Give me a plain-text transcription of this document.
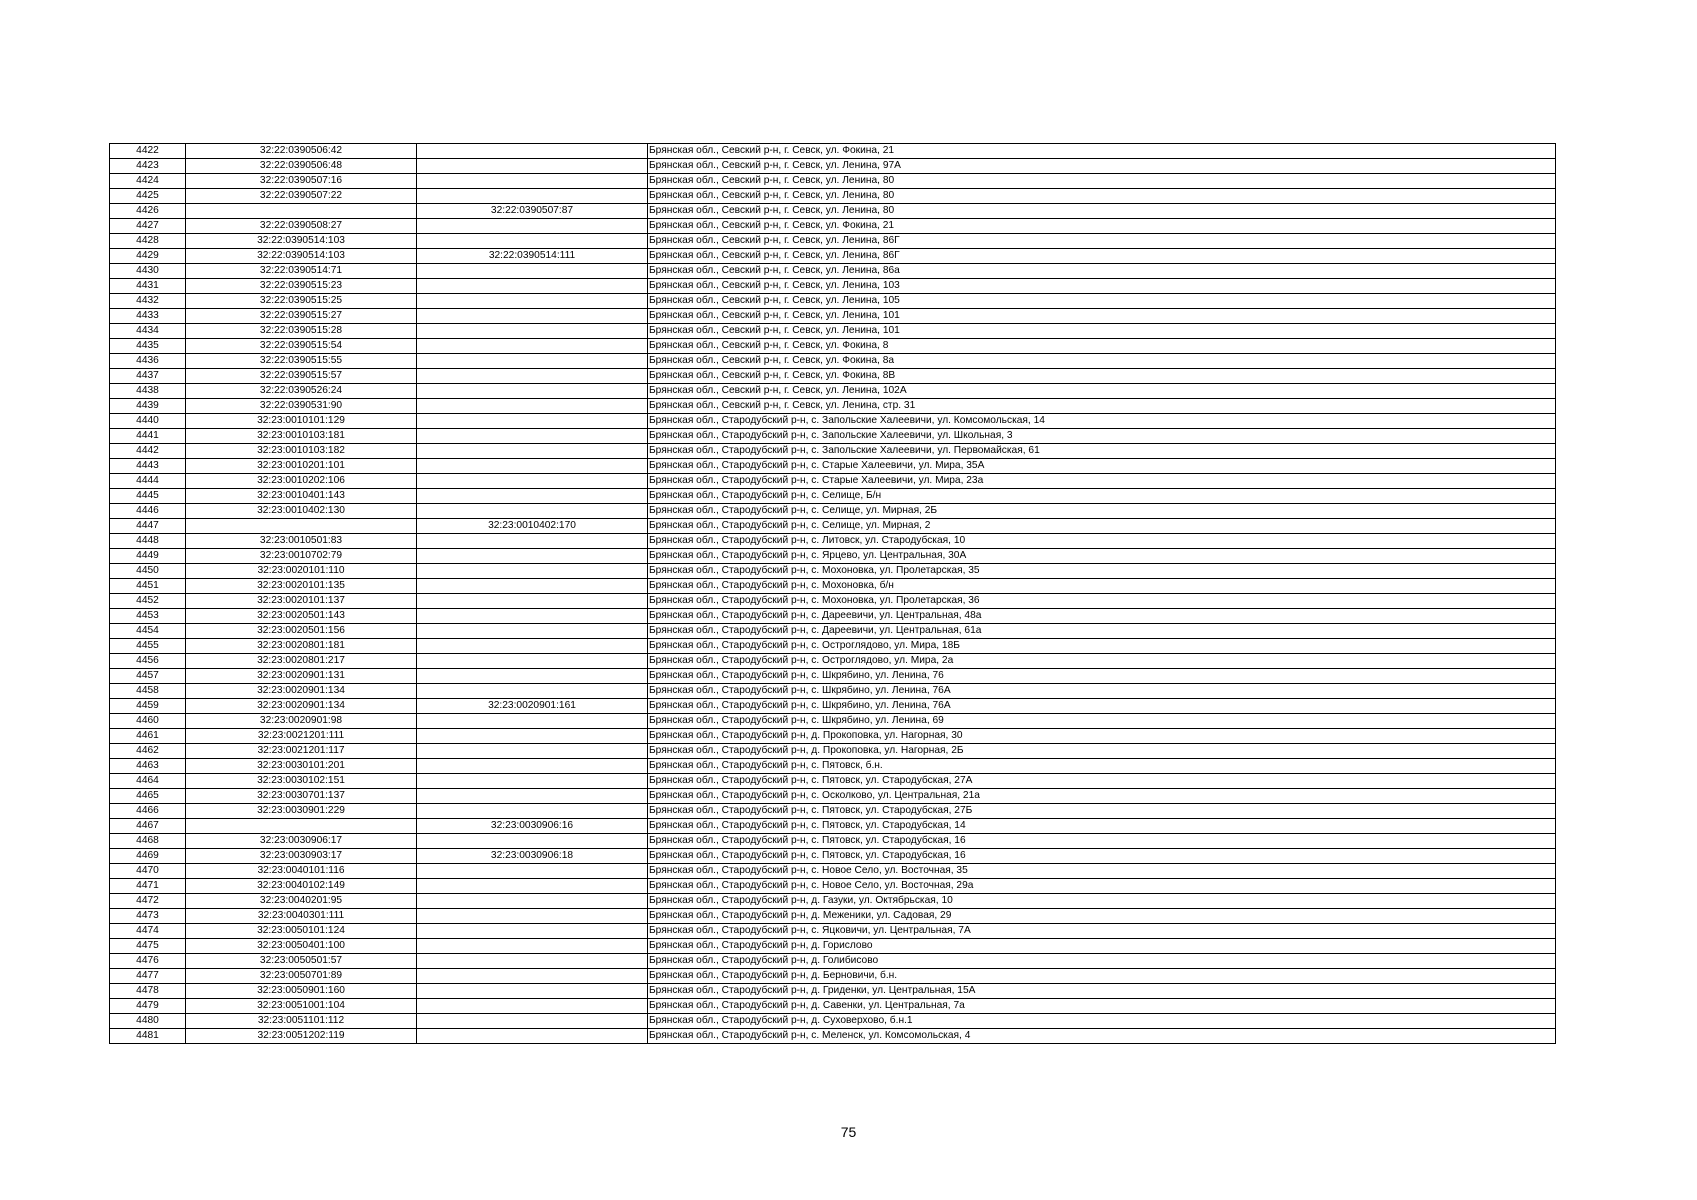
4422	32:22:0390506:42		Брянская обл., Севский р-н, г. Севск, ул. Фокина, 21
4423	32:22:0390506:48		Брянская обл., Севский р-н, г. Севск, ул. Ленина, 97А
4424	32:22:0390507:16		Брянская обл., Севский р-н, г. Севск, ул. Ленина, 80
4425	32:22:0390507:22		Брянская обл., Севский р-н, г. Севск, ул. Ленина, 80
4426		32:22:0390507:87	Брянская обл., Севский р-н, г. Севск, ул. Ленина, 80
4427	32:22:0390508:27		Брянская обл., Севский р-н, г. Севск, ул. Фокина, 21
4428	32:22:0390514:103		Брянская обл., Севский р-н, г. Севск, ул. Ленина, 86Г
4429	32:22:0390514:103	32:22:0390514:111	Брянская обл., Севский р-н, г. Севск, ул. Ленина, 86Г
4430	32:22:0390514:71		Брянская обл., Севский р-н, г. Севск, ул. Ленина, 86а
4431	32:22:0390515:23		Брянская обл., Севский р-н, г. Севск, ул. Ленина, 103
4432	32:22:0390515:25		Брянская обл., Севский р-н, г. Севск, ул. Ленина, 105
4433	32:22:0390515:27		Брянская обл., Севский р-н, г. Севск, ул. Ленина, 101
4434	32:22:0390515:28		Брянская обл., Севский р-н, г. Севск, ул. Ленина, 101
4435	32:22:0390515:54		Брянская обл., Севский р-н, г. Севск, ул. Фокина, 8
4436	32:22:0390515:55		Брянская обл., Севский р-н, г. Севск, ул. Фокина, 8а
4437	32:22:0390515:57		Брянская обл., Севский р-н, г. Севск, ул. Фокина, 8В
4438	32:22:0390526:24		Брянская обл., Севский р-н, г. Севск, ул. Ленина, 102А
4439	32:22:0390531:90		Брянская обл., Севский р-н, г. Севск, ул. Ленина, стр. 31
4440	32:23:0010101:129		Брянская обл., Стародубский р-н, с. Запольские Халеевичи, ул. Комсомольская, 14
4441	32:23:0010103:181		Брянская обл., Стародубский р-н, с. Запольские Халеевичи, ул. Школьная, 3
4442	32:23:0010103:182		Брянская обл., Стародубский р-н, с. Запольские Халеевичи, ул. Первомайская, 61
4443	32:23:0010201:101		Брянская обл., Стародубский р-н, с. Старые Халеевичи, ул. Мира, 35А
4444	32:23:0010202:106		Брянская обл., Стародубский р-н, с. Старые Халеевичи, ул. Мира, 23а
4445	32:23:0010401:143		Брянская обл., Стародубский р-н, с. Селище, Б/н
4446	32:23:0010402:130		Брянская обл., Стародубский р-н, с. Селище, ул. Мирная, 2Б
4447		32:23:0010402:170	Брянская обл., Стародубский р-н, с. Селище, ул. Мирная, 2
4448	32:23:0010501:83		Брянская обл., Стародубский р-н, с. Литовск, ул. Стародубская, 10
4449	32:23:0010702:79		Брянская обл., Стародубский р-н, с. Ярцево, ул. Центральная, 30А
4450	32:23:0020101:110		Брянская обл., Стародубский р-н, с. Мохоновка, ул. Пролетарская, 35
4451	32:23:0020101:135		Брянская обл., Стародубский р-н, с. Мохоновка, б/н
4452	32:23:0020101:137		Брянская обл., Стародубский р-н, с. Мохоновка, ул. Пролетарская, 36
4453	32:23:0020501:143		Брянская обл., Стародубский р-н, с. Дареевичи, ул. Центральная, 48а
4454	32:23:0020501:156		Брянская обл., Стародубский р-н, с. Дареевичи, ул. Центральная, 61а
4455	32:23:0020801:181		Брянская обл., Стародубский р-н, с. Остроглядово, ул. Мира, 18Б
4456	32:23:0020801:217		Брянская обл., Стародубский р-н, с. Остроглядово, ул. Мира, 2а
4457	32:23:0020901:131		Брянская обл., Стародубский р-н, с. Шкрябино, ул. Ленина, 76
4458	32:23:0020901:134		Брянская обл., Стародубский р-н, с. Шкрябино, ул. Ленина, 76А
4459	32:23:0020901:134	32:23:0020901:161	Брянская обл., Стародубский р-н, с. Шкрябино, ул. Ленина, 76А
4460	32:23:0020901:98		Брянская обл., Стародубский р-н, с. Шкрябино, ул. Ленина, 69
4461	32:23:0021201:111		Брянская обл., Стародубский р-н, д. Прокоповка, ул. Нагорная, 30
4462	32:23:0021201:117		Брянская обл., Стародубский р-н, д. Прокоповка, ул. Нагорная, 2Б
4463	32:23:0030101:201		Брянская обл., Стародубский р-н, с. Пятовск, б.н.
4464	32:23:0030102:151		Брянская обл., Стародубский р-н, с. Пятовск, ул. Стародубская, 27А
4465	32:23:0030701:137		Брянская обл., Стародубский р-н, с. Осколково, ул. Центральная, 21а
4466	32:23:0030901:229		Брянская обл., Стародубский р-н, с. Пятовск, ул. Стародубская, 27Б
4467		32:23:0030906:16	Брянская обл., Стародубский р-н, с. Пятовск, ул. Стародубская, 14
4468	32:23:0030906:17		Брянская обл., Стародубский р-н, с. Пятовск, ул. Стародубская, 16
4469	32:23:0030903:17	32:23:0030906:18	Брянская обл., Стародубский р-н, с. Пятовск, ул. Стародубская, 16
4470	32:23:0040101:116		Брянская обл., Стародубский р-н, с. Новое Село, ул. Восточная, 35
4471	32:23:0040102:149		Брянская обл., Стародубский р-н, с. Новое Село, ул. Восточная, 29а
4472	32:23:0040201:95		Брянская обл., Стародубский р-н, д. Газуки, ул. Октябрьская, 10
4473	32:23:0040301:111		Брянская обл., Стародубский р-н, д. Меженики, ул. Садовая, 29
4474	32:23:0050101:124		Брянская обл., Стародубский р-н, с. Яцковичи, ул. Центральная, 7А
4475	32:23:0050401:100		Брянская обл., Стародубский р-н, д. Горислово
4476	32:23:0050501:57		Брянская обл., Стародубский р-н, д. Голибисово
4477	32:23:0050701:89		Брянская обл., Стародубский р-н, д. Берновичи, б.н.
4478	32:23:0050901:160		Брянская обл., Стародубский р-н, д. Гриденки, ул. Центральная, 15А
4479	32:23:0051001:104		Брянская обл., Стародубский р-н, д. Савенки, ул. Центральная, 7а
4480	32:23:0051101:112		Брянская обл., Стародубский р-н, д. Суховерхово, б.н.1
4481	32:23:0051202:119		Брянская обл., Стародубский р-н, с. Меленск, ул. Комсомольская, 4
75
